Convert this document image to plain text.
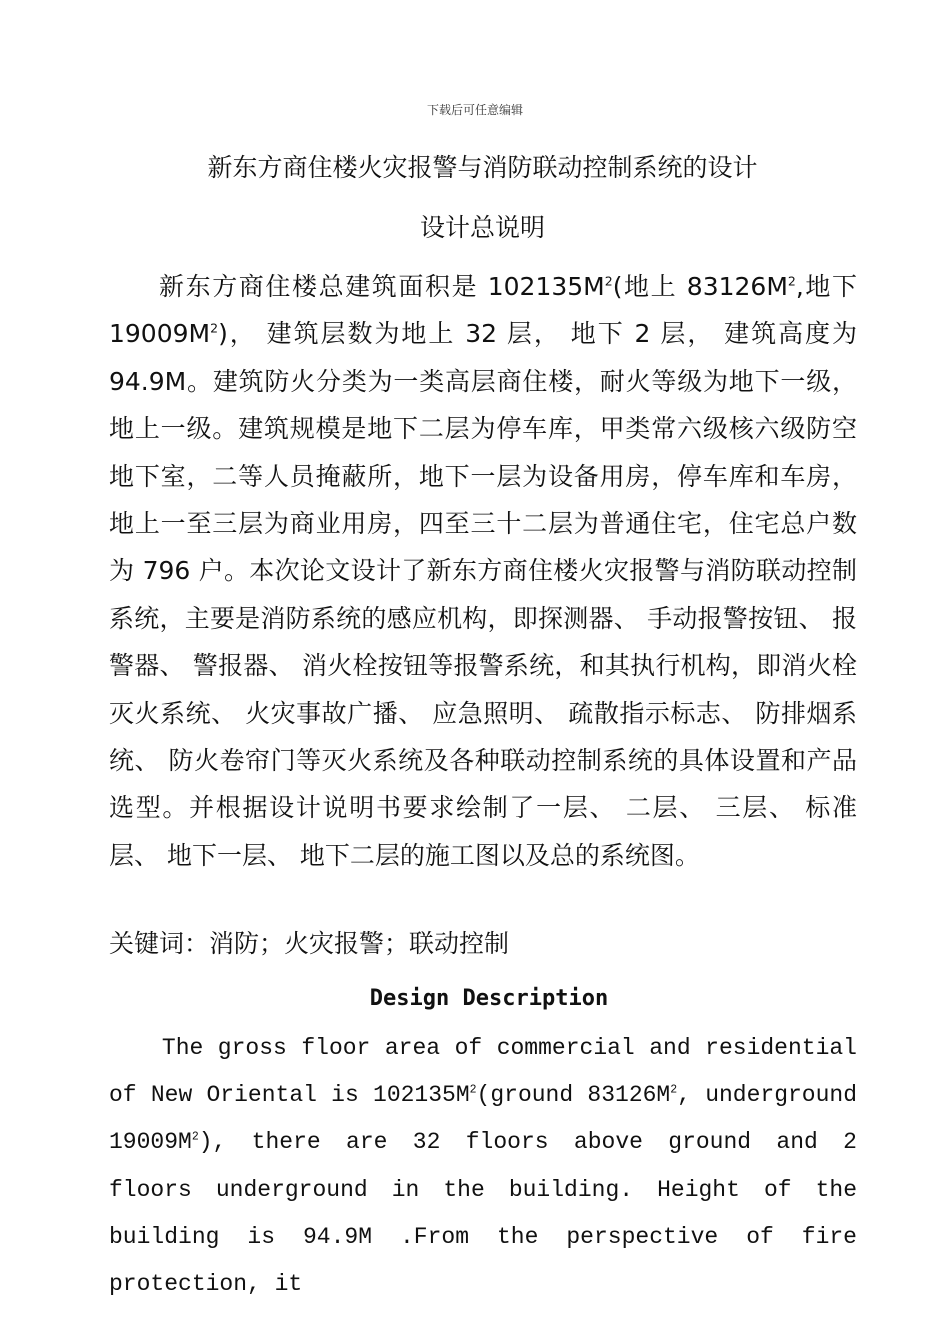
下载后可任意编辑
新东方商住楼火灾报警与消防联动控制系统的设计
设计总说明

新东方商住楼总建筑面积是 $102135M^2$(地上 $83126M^2$,地下 $19009M^2$)， 建筑层数为地上 32 层， 地下 2 层， 建筑高度为 94.9M。建筑防火分类为一类高层商住楼，耐火等级为地下一级，地上一级。建筑规模是地下二层为停车库，甲类常六级核六级防空地下室，二等人员掩蔽所，地下一层为设备用房，停车库和车房，地上一至三层为商业用房，四至三十二层为普通住宅，住宅总户数为 796 户。本次论文设计了新东方商住楼火灾报警与消防联动控制系统，主要是消防系统的感应机构，即探测器、 手动报警按钮、 报警器、 警报器、 消火栓按钮等报警系统，和其执行机构，即消火栓灭火系统、 火灾事故广播、 应急照明、 疏散指示标志、 防排烟系统、 防火卷帘门等灭火系统及各种联动控制系统的具体设置和产品选型。并根据设计说明书要求绘制了一层、 二层、 三层、 标准层、 地下一层、 地下二层的施工图以及总的系统图。

关键词：消防；火灾报警；联动控制

Design Description

The gross floor area of commercial and residential of New Oriental is $102135M^2(ground$ $83126M^2$, underground $19009M^2$), there are 32 floors above ground and 2 floors underground in the building. Height of the building is 94.9M .From the perspective of fire protection, it
